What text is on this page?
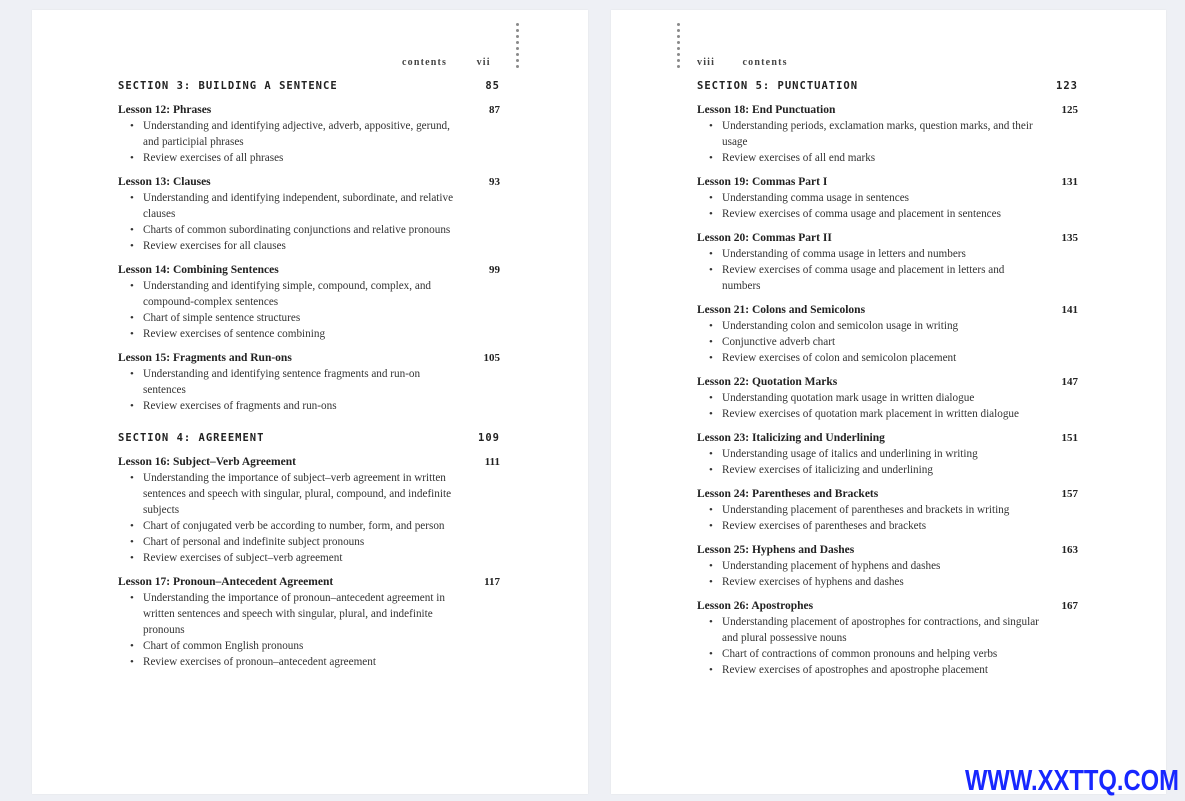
contents	vii
SECTION 3: BUILDING A SENTENCE	85
Lesson 12: Phrases	87
• Understanding and identifying adjective, adverb, appositive, gerund, and participial phrases
• Review exercises of all phrases
Lesson 13: Clauses	93
• Understanding and identifying independent, subordinate, and relative clauses
• Charts of common subordinating conjunctions and relative pronouns
• Review exercises for all clauses
Lesson 14: Combining Sentences	99
• Understanding and identifying simple, compound, complex, and compound-complex sentences
• Chart of simple sentence structures
• Review exercises of sentence combining
Lesson 15: Fragments and Run-ons	105
• Understanding and identifying sentence fragments and run-on sentences
• Review exercises of fragments and run-ons
SECTION 4: AGREEMENT	109
Lesson 16: Subject–Verb Agreement	111
• Understanding the importance of subject–verb agreement in written sentences and speech with singular, plural, compound, and indefinite subjects
• Chart of conjugated verb be according to number, form, and person
• Chart of personal and indefinite subject pronouns
• Review exercises of subject–verb agreement
Lesson 17: Pronoun–Antecedent Agreement	117
• Understanding the importance of pronoun–antecedent agreement in written sentences and speech with singular, plural, and indefinite pronouns
• Chart of common English pronouns
• Review exercises of pronoun–antecedent agreement
viii	contents
SECTION 5: PUNCTUATION	123
Lesson 18: End Punctuation	125
• Understanding periods, exclamation marks, question marks, and their usage
• Review exercises of all end marks
Lesson 19: Commas Part I	131
• Understanding comma usage in sentences
• Review exercises of comma usage and placement in sentences
Lesson 20: Commas Part II	135
• Understanding of comma usage in letters and numbers
• Review exercises of comma usage and placement in letters and numbers
Lesson 21: Colons and Semicolons	141
• Understanding colon and semicolon usage in writing
• Conjunctive adverb chart
• Review exercises of colon and semicolon placement
Lesson 22: Quotation Marks	147
• Understanding quotation mark usage in written dialogue
• Review exercises of quotation mark placement in written dialogue
Lesson 23: Italicizing and Underlining	151
• Understanding usage of italics and underlining in writing
• Review exercises of italicizing and underlining
Lesson 24: Parentheses and Brackets	157
• Understanding placement of parentheses and brackets in writing
• Review exercises of parentheses and brackets
Lesson 25: Hyphens and Dashes	163
• Understanding placement of hyphens and dashes
• Review exercises of hyphens and dashes
Lesson 26: Apostrophes	167
• Understanding placement of apostrophes for contractions, and singular and plural possessive nouns
• Chart of contractions of common pronouns and helping verbs
• Review exercises of apostrophes and apostrophe placement
WWW.XXTTQ.COM
